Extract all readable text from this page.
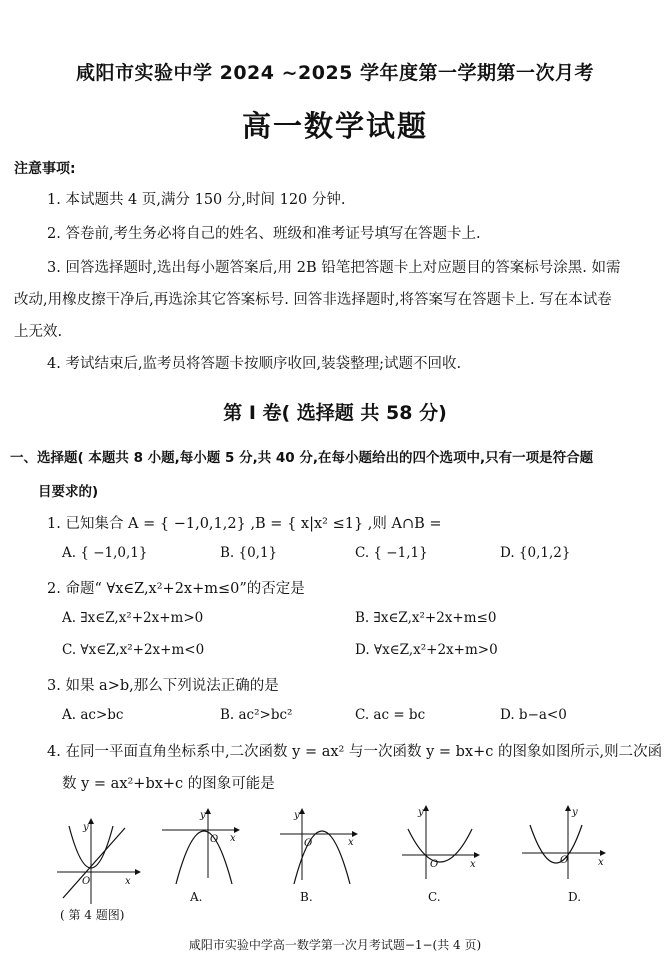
咸阳市实验中学 2024 ~2025 学年度第一学期第一次月考
高一数学试题
注意事项:
1. 本试题共 4 页,满分 150 分,时间 120 分钟.
2. 答卷前,考生务必将自己的姓名、班级和准考证号填写在答题卡上.
3. 回答选择题时,选出每小题答案后,用 2B 铅笔把答题卡上对应题目的答案标号涂黑. 如需
改动,用橡皮擦干净后,再选涂其它答案标号. 回答非选择题时,将答案写在答题卡上. 写在本试卷
上无效.
4. 考试结束后,监考员将答题卡按顺序收回,装袋整理;试题不回收.
第 Ⅰ 卷( 选择题 共 58 分)
一、选择题( 本题共 8 小题,每小题 5 分,共 40 分,在每小题给出的四个选项中,只有一项是符合题
目要求的)
1. 已知集合 A = { −1,0,1,2} ,B = { x|x² ≤1} ,则 A∩B =
A. { −1,0,1}	B. {0,1}	C. { −1,1}	D. {0,1,2}
2. 命题“ ∀x∈Z,x²+2x+m≤0”的否定是
A. ∃x∈Z,x²+2x+m>0	B. ∃x∈Z,x²+2x+m≤0
C. ∀x∈Z,x²+2x+m<0	D. ∀x∈Z,x²+2x+m>0
3. 如果 a>b,那么下列说法正确的是
A. ac>bc	B. ac²>bc²	C. ac = bc	D. b−a<0
4. 在同一平面直角坐标系中,二次函数 y = ax² 与一次函数 y = bx+c 的图象如图所示,则二次函
数 y = ax²+bx+c 的图象可能是
y
x
O
( 第 4 题图)
y
x
O
A.
y
x
O
B.
y
x
O
C.
y
x
O
D.
咸阳市实验中学高一数学第一次月考试题−1−(共 4 页)
